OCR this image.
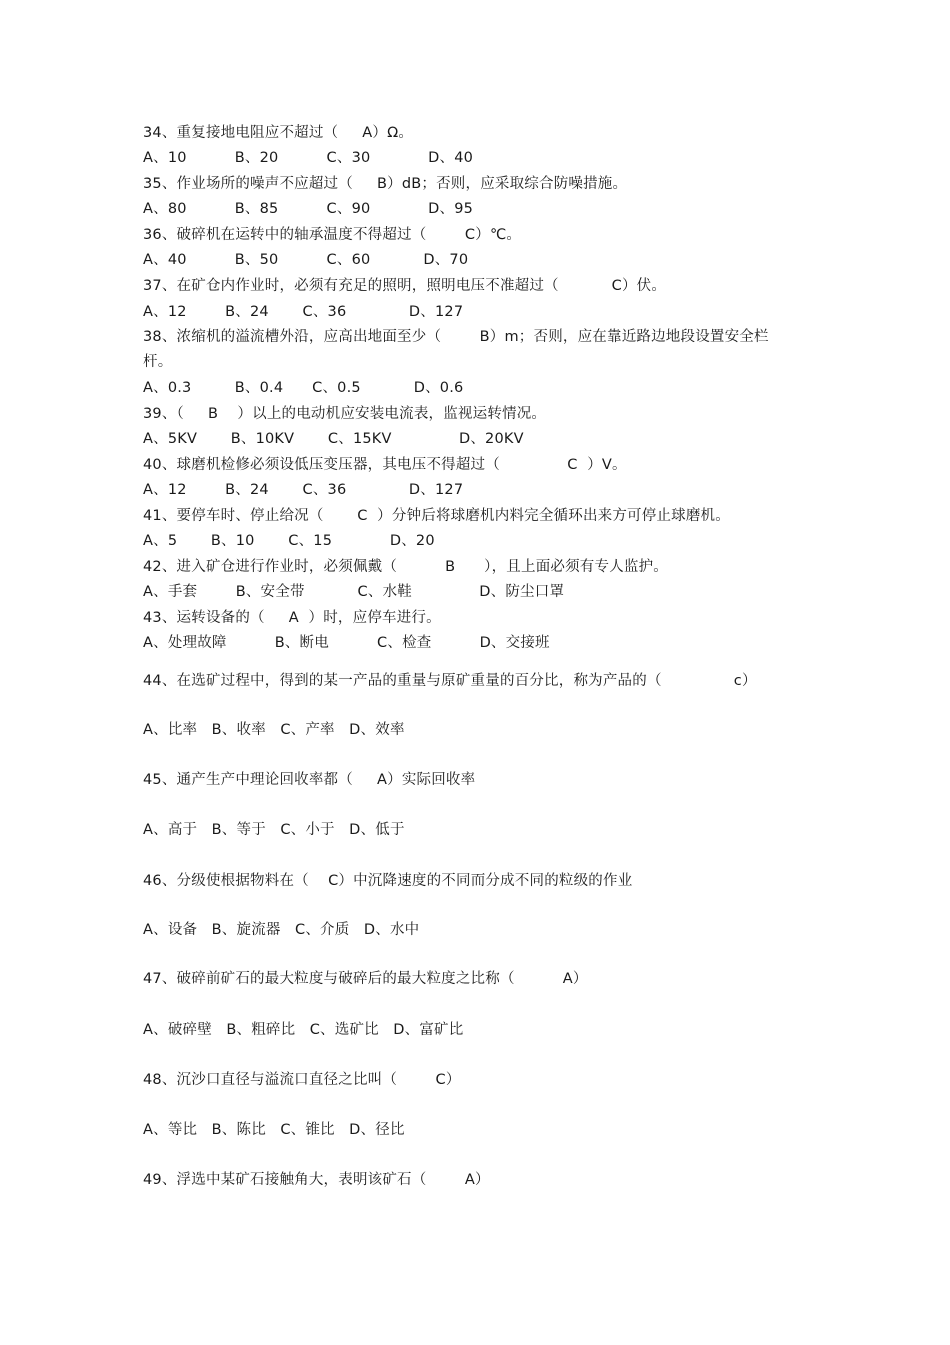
34、重复接地电阻应不超过（     A）Ω。
A、10          B、20          C、30            D、40
35、作业场所的噪声不应超过（     B）dB；否则，应采取综合防噪措施。
A、80          B、85          C、90            D、95
36、破碎机在运转中的轴承温度不得超过（        C）℃。
A、40          B、50          C、60           D、70
37、在矿仓内作业时，必须有充足的照明，照明电压不准超过（           C）伏。
A、12        B、24       C、36             D、127
38、浓缩机的溢流槽外沿，应高出地面至少（        B）m；否则，应在靠近路边地段设置安全栏
杆。
A、0.3         B、0.4      C、0.5           D、0.6
39、（     B    ）以上的电动机应安装电流表，监视运转情况。
A、5KV       B、10KV       C、15KV              D、20KV
40、球磨机检修必须设低压变压器，其电压不得超过（              C  ）V。
A、12        B、24       C、36             D、127
41、要停车时、停止给况（       C  ）分钟后将球磨机内料完全循环出来方可停止球磨机。
A、5       B、10       C、15            D、20
42、进入矿仓进行作业时，必须佩戴（          B      ），且上面必须有专人监护。
A、手套        B、安全带           C、水鞋              D、防尘口罩
43、运转设备的（     A  ）时，应停车进行。
A、处理故障          B、断电          C、检查          D、交接班
44、在选矿过程中，得到的某一产品的重量与原矿重量的百分比，称为产品的（               c）
A、比率   B、收率   C、产率   D、效率
45、通产生产中理论回收率都（     A）实际回收率
A、高于   B、等于   C、小于   D、低于
46、分级使根据物料在（    C）中沉降速度的不同而分成不同的粒级的作业
A、设备   B、旋流器   C、介质   D、水中
47、破碎前矿石的最大粒度与破碎后的最大粒度之比称（          A）
A、破碎壁   B、粗碎比   C、选矿比   D、富矿比
48、沉沙口直径与溢流口直径之比叫（        C）
A、等比   B、陈比   C、锥比   D、径比
49、浮选中某矿石接触角大，表明该矿石（        A）
